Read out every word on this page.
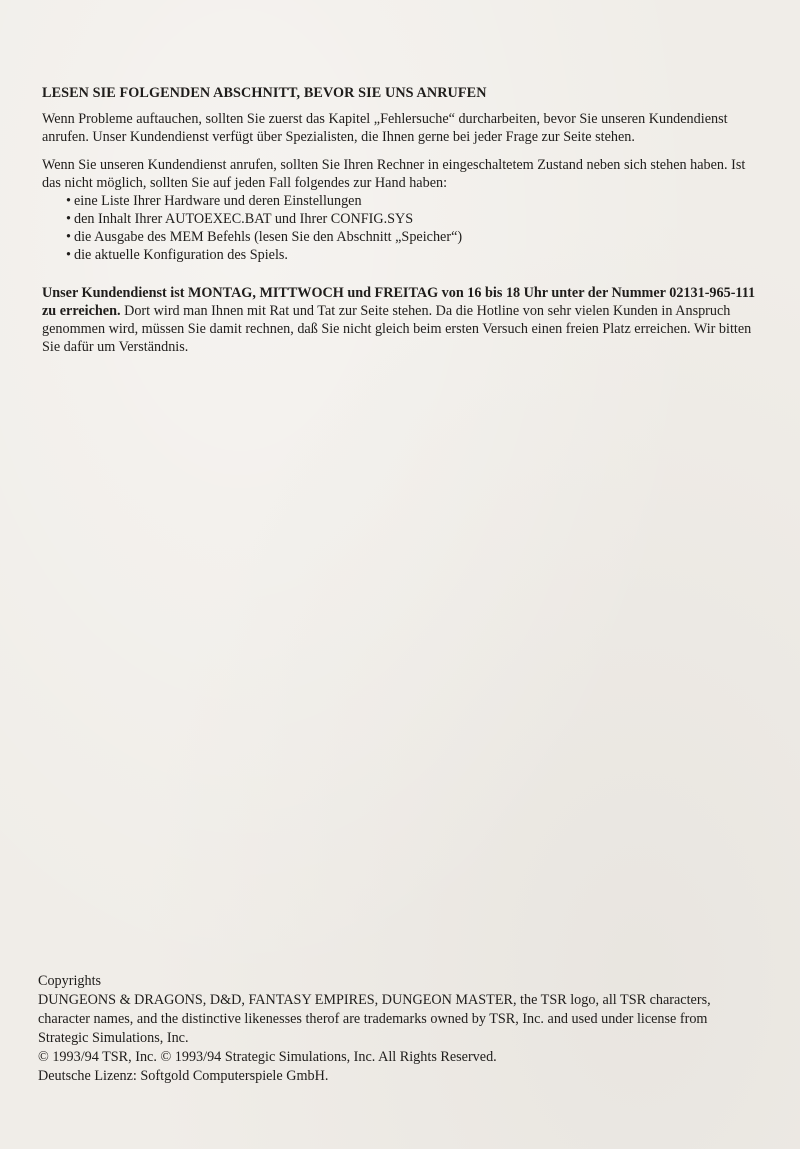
LESEN SIE FOLGENDEN ABSCHNITT, BEVOR SIE UNS ANRUFEN

Wenn Probleme auftauchen, sollten Sie zuerst das Kapitel „Fehlersuche“ durcharbeiten, bevor Sie unseren Kundendienst anrufen. Unser Kundendienst verfügt über Spezialisten, die Ihnen gerne bei jeder Frage zur Seite stehen.

Wenn Sie unseren Kundendienst anrufen, sollten Sie Ihren Rechner in eingeschaltetem Zustand neben sich stehen haben. Ist das nicht möglich, sollten Sie auf jeden Fall folgendes zur Hand haben:

• eine Liste Ihrer Hardware und deren Einstellungen
• den Inhalt Ihrer AUTOEXEC.BAT und Ihrer CONFIG.SYS
• die Ausgabe des MEM Befehls (lesen Sie den Abschnitt „Speicher“)
• die aktuelle Konfiguration des Spiels.

Unser Kundendienst ist MONTAG, MITTWOCH und FREITAG von 16 bis 18 Uhr unter der Nummer 02131-965-111 zu erreichen. Dort wird man Ihnen mit Rat und Tat zur Seite stehen. Da die Hotline von sehr vielen Kunden in Anspruch genommen wird, müssen Sie damit rechnen, daß Sie nicht gleich beim ersten Versuch einen freien Platz erreichen. Wir bitten Sie dafür um Verständnis.

Copyrights
DUNGEONS & DRAGONS, D&D, FANTASY EMPIRES, DUNGEON MASTER, the TSR logo, all TSR characters, character names, and the distinctive likenesses therof are trademarks owned by TSR, Inc. and used under license from Strategic Simulations, Inc.
© 1993/94 TSR, Inc. © 1993/94 Strategic Simulations, Inc. All Rights Reserved.
Deutsche Lizenz: Softgold Computerspiele GmbH.
